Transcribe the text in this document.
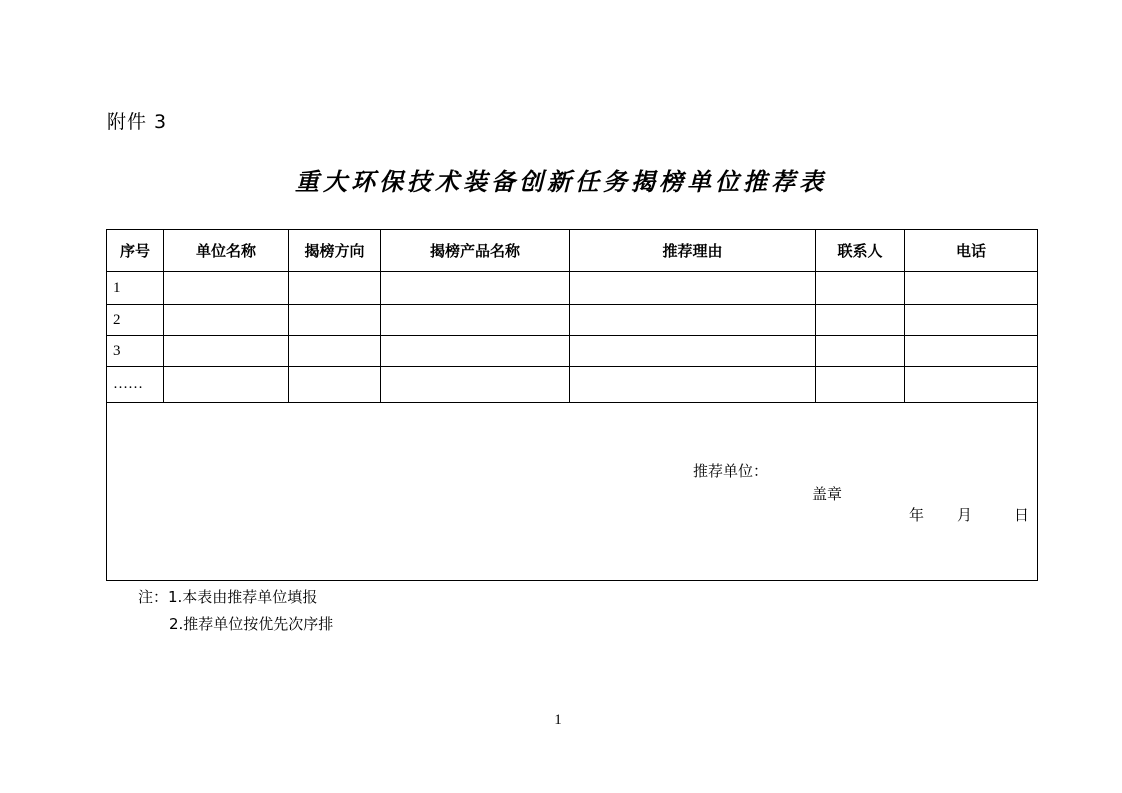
附件 3
重大环保技术装备创新任务揭榜单位推荐表
序号	单位名称	揭榜方向	揭榜产品名称	推荐理由	联系人	电话
1						
2						
3						
……						

推荐单位：
盖章
年 月 日						
注：1.本表由推荐单位填报
2.推荐单位按优先次序排
1
